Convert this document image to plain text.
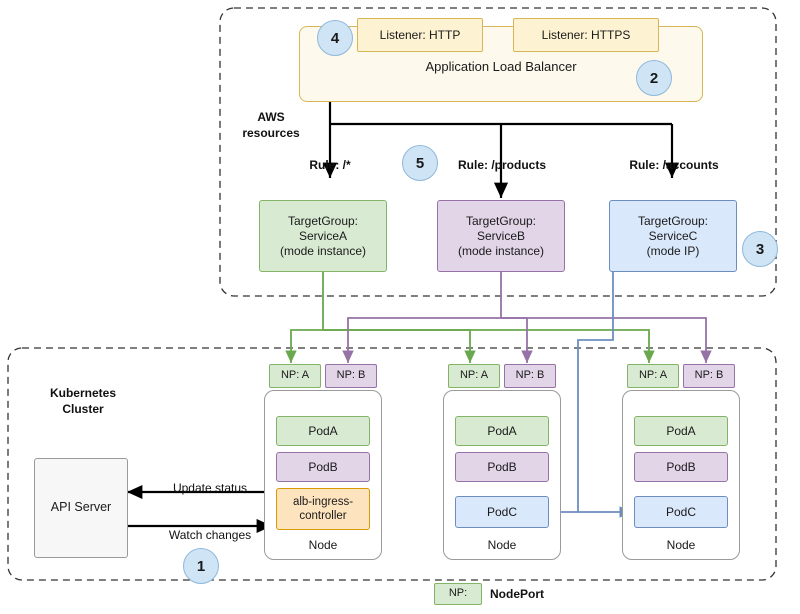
AWS
resources
Kubernetes
Cluster
Application Load Balancer
Listener: HTTP	Listener: HTTPS
Rule: /*	Rule: /products	Rule: /accounts
TargetGroup:
ServiceA
(mode instance)
TargetGroup:
ServiceB
(mode instance)
TargetGroup:
ServiceC
(mode IP)
NP: A	NP: B
PodA
PodB
alb-ingress-controller
Node
NP: A	NP: B
PodA
PodB
PodC
Node
NP: A	NP: B
PodA
PodB
PodC
Node
API Server
Update status
Watch changes
1
2
3
4
5
NP:	NodePort
